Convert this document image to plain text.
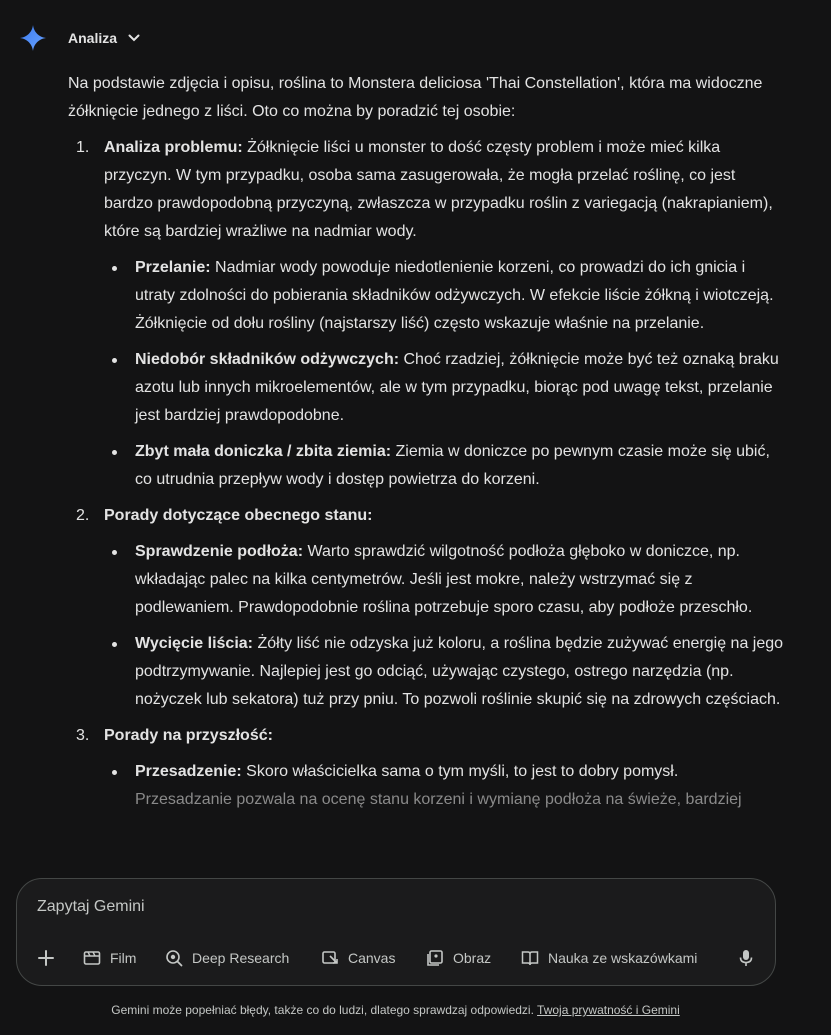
Analiza

Na podstawie zdjęcia i opisu, roślina to Monstera deliciosa 'Thai Constellation', która ma widoczne żółknięcie jednego z liści. Oto co można by poradzić tej osobie:

1. Analiza problemu: Żółknięcie liści u monster to dość częsty problem i może mieć kilka przyczyn. W tym przypadku, osoba sama zasugerowała, że mogła przelać roślinę, co jest bardzo prawdopodobną przyczyną, zwłaszcza w przypadku roślin z variegacją (nakrapianiem), które są bardziej wrażliwe na nadmiar wody.
Przelanie: Nadmiar wody powoduje niedotlenienie korzeni, co prowadzi do ich gnicia i utraty zdolności do pobierania składników odżywczych. W efekcie liście żółkną i wiotczeją. Żółknięcie od dołu rośliny (najstarszy liść) często wskazuje właśnie na przelanie.
Niedobór składników odżywczych: Choć rzadziej, żółknięcie może być też oznaką braku azotu lub innych mikroelementów, ale w tym przypadku, biorąc pod uwagę tekst, przelanie jest bardziej prawdopodobne.
Zbyt mała doniczka / zbita ziemia: Ziemia w doniczce po pewnym czasie może się ubić, co utrudnia przepływ wody i dostęp powietrza do korzeni.
2. Porady dotyczące obecnego stanu:
Sprawdzenie podłoża: Warto sprawdzić wilgotność podłoża głęboko w doniczce, np. wkładając palec na kilka centymetrów. Jeśli jest mokre, należy wstrzymać się z podlewaniem. Prawdopodobnie roślina potrzebuje sporo czasu, aby podłoże przeschło.
Wycięcie liścia: Żółty liść nie odzyska już koloru, a roślina będzie zużywać energię na jego podtrzymywanie. Najlepiej jest go odciąć, używając czystego, ostrego narzędzia (np. nożyczek lub sekatora) tuż przy pniu. To pozwoli roślinie skupić się na zdrowych częściach.
3. Porady na przyszłość:
Przesadzenie: Skoro właścicielka sama o tym myśli, to jest to dobry pomysł.
Przesadzanie pozwala na ocenę stanu korzeni i wymianę podłoża na świeże, bardziej
Zapytaj Gemini
Film	Deep Research	Canvas	Obraz	Nauka ze wskazówkami
Gemini może popełniać błędy, także co do ludzi, dlatego sprawdzaj odpowiedzi. Twoja prywatność i Gemini
